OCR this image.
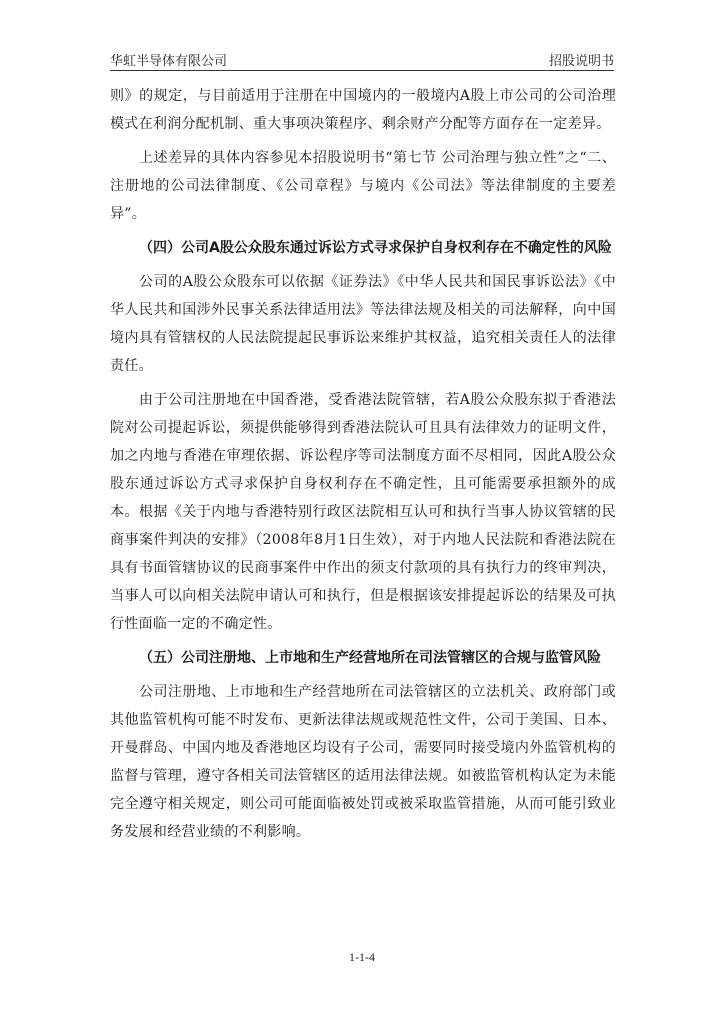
华虹半导体有限公司	招股说明书

则》的规定，与目前适用于注册在中国境内的一般境内A股上市公司的公司治理模式在利润分配机制、重大事项决策程序、剩余财产分配等方面存在一定差异。

上述差异的具体内容参见本招股说明书“第七节 公司治理与独立性”之“二、注册地的公司法律制度、《公司章程》与境内《公司法》等法律制度的主要差异”。

（四）公司A股公众股东通过诉讼方式寻求保护自身权利存在不确定性的风险

公司的A股公众股东可以依据《证券法》《中华人民共和国民事诉讼法》《中华人民共和国涉外民事关系法律适用法》等法律法规及相关的司法解释，向中国境内具有管辖权的人民法院提起民事诉讼来维护其权益，追究相关责任人的法律责任。

由于公司注册地在中国香港，受香港法院管辖，若A股公众股东拟于香港法院对公司提起诉讼，须提供能够得到香港法院认可且具有法律效力的证明文件，加之内地与香港在审理依据、诉讼程序等司法制度方面不尽相同，因此A股公众股东通过诉讼方式寻求保护自身权利存在不确定性，且可能需要承担额外的成本。根据《关于内地与香港特别行政区法院相互认可和执行当事人协议管辖的民商事案件判决的安排》（2008年8月1日生效），对于内地人民法院和香港法院在具有书面管辖协议的民商事案件中作出的须支付款项的具有执行力的终审判决，当事人可以向相关法院申请认可和执行，但是根据该安排提起诉讼的结果及可执行性面临一定的不确定性。

（五）公司注册地、上市地和生产经营地所在司法管辖区的合规与监管风险

公司注册地、上市地和生产经营地所在司法管辖区的立法机关、政府部门或其他监管机构可能不时发布、更新法律法规或规范性文件，公司于美国、日本、开曼群岛、中国内地及香港地区均设有子公司，需要同时接受境内外监管机构的监督与管理，遵守各相关司法管辖区的适用法律法规。如被监管机构认定为未能完全遵守相关规定，则公司可能面临被处罚或被采取监管措施，从而可能引致业务发展和经营业绩的不利影响。

1-1-4
